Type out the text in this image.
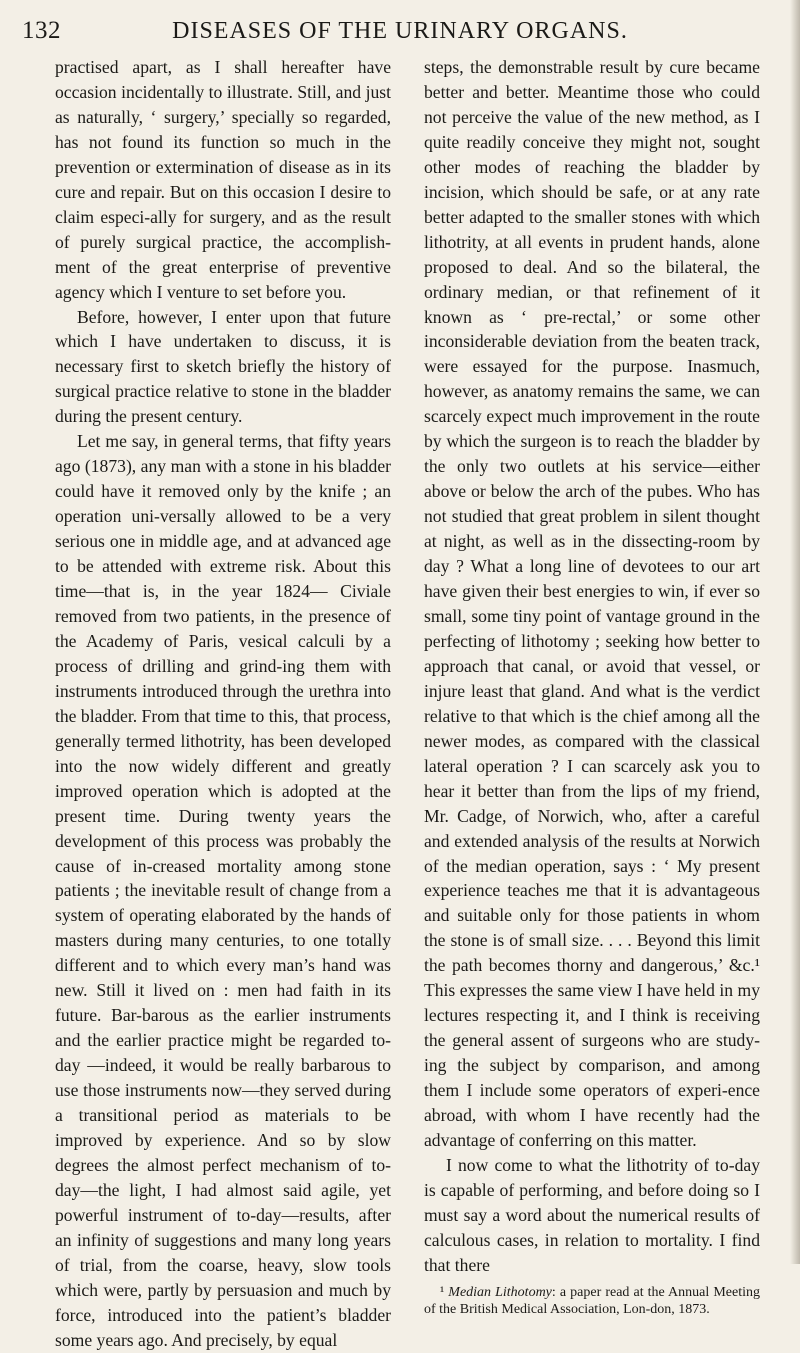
132	DISEASES OF THE URINARY ORGANS.

practised apart, as I shall hereafter have occasion incidentally to illustrate. Still, and just as naturally, ‘ surgery,’ specially so regarded, has not found its function so much in the prevention or extermination of disease as in its cure and repair. But on this occasion I desire to claim especi-ally for surgery, and as the result of purely surgical practice, the accomplish-ment of the great enterprise of preventive agency which I venture to set before you.

Before, however, I enter upon that future which I have undertaken to discuss, it is necessary first to sketch briefly the history of surgical practice relative to stone in the bladder during the present century.

Let me say, in general terms, that fifty years ago (1873), any man with a stone in his bladder could have it removed only by the knife ; an operation uni-versally allowed to be a very serious one in middle age, and at advanced age to be attended with extreme risk. About this time—that is, in the year 1824— Civiale removed from two patients, in the presence of the Academy of Paris, vesical calculi by a process of drilling and grind-ing them with instruments introduced through the urethra into the bladder. From that time to this, that process, generally termed lithotrity, has been developed into the now widely different and greatly improved operation which is adopted at the present time. During twenty years the development of this process was probably the cause of in-creased mortality among stone patients ; the inevitable result of change from a system of operating elaborated by the hands of masters during many centuries, to one totally different and to which every man’s hand was new. Still it lived on : men had faith in its future. Bar-barous as the earlier instruments and the earlier practice might be regarded to-day —indeed, it would be really barbarous to use those instruments now—they served during a transitional period as materials to be improved by experience. And so by slow degrees the almost perfect mechanism of to-day—the light, I had almost said agile, yet powerful instrument of to-day—results, after an infinity of suggestions and many long years of trial, from the coarse, heavy, slow tools which were, partly by persuasion and much by force, introduced into the patient’s bladder some years ago. And precisely, by equal

steps, the demonstrable result by cure became better and better. Meantime those who could not perceive the value of the new method, as I quite readily conceive they might not, sought other modes of reaching the bladder by incision, which should be safe, or at any rate better adapted to the smaller stones with which lithotrity, at all events in prudent hands, alone proposed to deal. And so the bilateral, the ordinary median, or that refinement of it known as ‘ pre-rectal,’ or some other inconsiderable deviation from the beaten track, were essayed for the purpose. Inasmuch, however, as anatomy remains the same, we can scarcely expect much improvement in the route by which the surgeon is to reach the bladder by the only two outlets at his service—either above or below the arch of the pubes. Who has not studied that great problem in silent thought at night, as well as in the dissecting-room by day ? What a long line of devotees to our art have given their best energies to win, if ever so small, some tiny point of vantage ground in the perfecting of lithotomy ; seeking how better to approach that canal, or avoid that vessel, or injure least that gland. And what is the verdict relative to that which is the chief among all the newer modes, as compared with the classical lateral operation ? I can scarcely ask you to hear it better than from the lips of my friend, Mr. Cadge, of Norwich, who, after a careful and extended analysis of the results at Norwich of the median operation, says : ‘ My present experience teaches me that it is advantageous and suitable only for those patients in whom the stone is of small size. . . . Beyond this limit the path becomes thorny and dangerous,’ &c.¹ This expresses the same view I have held in my lectures respecting it, and I think is receiving the general assent of surgeons who are study-ing the subject by comparison, and among them I include some operators of experi-ence abroad, with whom I have recently had the advantage of conferring on this matter.

I now come to what the lithotrity of to-day is capable of performing, and before doing so I must say a word about the numerical results of calculous cases, in relation to mortality. I find that there

¹ Median Lithotomy: a paper read at the Annual Meeting of the British Medical Association, Lon-don, 1873.
